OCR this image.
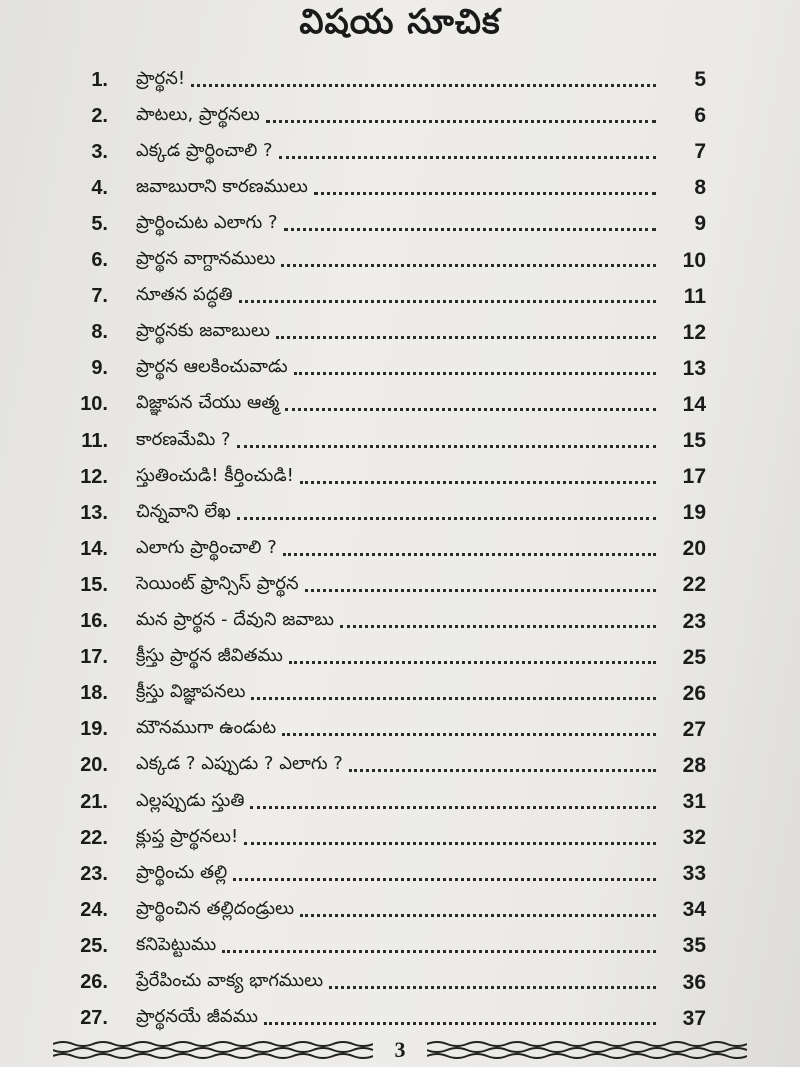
విషయ సూచిక
1.	ప్రార్థన!	5
2.	పాటలు, ప్రార్థనలు	6
3.	ఎక్కడ ప్రార్థించాలి ?	7
4.	జవాబురాని కారణములు	8
5.	ప్రార్థించుట ఎలాగు ?	9
6.	ప్రార్థన వాగ్దానములు	10
7.	నూతన పద్ధతి	11
8.	ప్రార్థనకు జవాబులు	12
9.	ప్రార్థన ఆలకించువాడు	13
10.	విజ్ఞాపన చేయు ఆత్మ	14
11.	కారణమేమి ?	15
12.	స్తుతించుడి! కీర్తించుడి!	17
13.	చిన్నవాని లేఖ	19
14.	ఎలాగు ప్రార్థించాలి ?	20
15.	సెయింట్ ఫ్రాన్సిస్ ప్రార్థన	22
16.	మన ప్రార్థన - దేవుని జవాబు	23
17.	క్రీస్తు ప్రార్థన జీవితము	25
18.	క్రీస్తు విజ్ఞాపనలు	26
19.	మౌనముగా ఉండుట	27
20.	ఎక్కడ ? ఎప్పుడు ? ఎలాగు ?	28
21.	ఎల్లప్పుడు స్తుతి	31
22.	క్లుప్త ప్రార్థనలు!	32
23.	ప్రార్థించు తల్లి	33
24.	ప్రార్థించిన తల్లిదండ్రులు	34
25.	కనిపెట్టుము	35
26.	ప్రేరేపించు వాక్య భాగములు	36
27.	ప్రార్థనయే జీవము	37
3
